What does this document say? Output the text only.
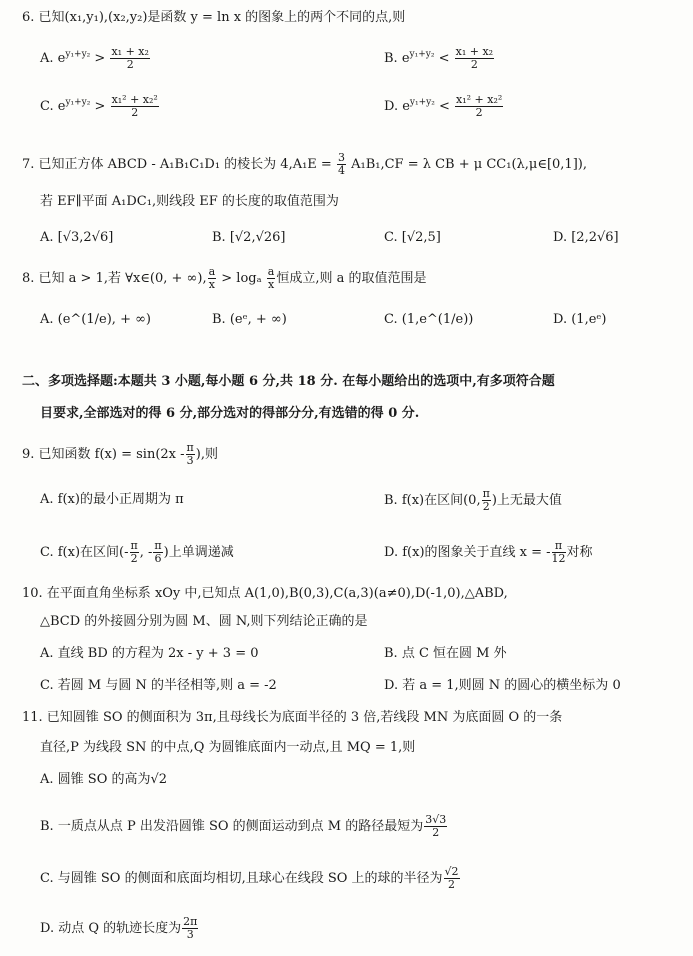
6. 已知(x₁,y₁),(x₂,y₂)是函数 y = ln x 的图象上的两个不同的点,则
A. $e^{y_1+y_2} > \frac{\text{x₁ + x₂}}{2}$	B. $e^{y_1+y_2} < \frac{\text{x₁ + x₂}}{2}$
C. $e^{y_1+y_2} > \frac{\text{x₁² + x₂²}}{2}$	D. $e^{y_1+y_2} < \frac{\text{x₁² + x₂²}}{2}$
7. 已知正方体 ABCD - A₁B₁C₁D₁ 的棱长为 $4,A_1E = \frac{3}{4} A_1B_1,CF = \lambda$ CB + μ CC₁(λ,μ∈[0,1]),
若 EF∥平面 A₁DC₁,则线段 EF 的长度的取值范围为
A. [√3,2√6]	B. [√2,√26]	C. [√2,5]	D. [2,2√6]
8. 已知 a > 1,若 ∀x∈(0, + ∞), $\frac{a}{x} > \log_a \frac{a}{x}$ 恒成立,则 a 的取值范围是
A. (e^(1/e), + ∞)	B. (eᵉ, + ∞)	C. (1,e^(1/e))	D. (1,eᵉ)
二、多项选择题:本题共 3 小题,每小题 6 分,共 18 分. 在每小题给出的选项中,有多项符合题
目要求,全部选对的得 6 分,部分选对的得部分分,有选错的得 0 分.
9. 已知函数 $f(x) = \sin(2x - \frac{\pi}{3}$ ),则
A. f(x)的最小正周期为 π	B. f(x)在区间(0, $\frac{\pi}{2}$ )上无最大值
C. f(x)在区间(- $\frac{\pi}{2}$ , - $\frac{\pi}{6}$ )上单调递减	D. f(x)的图象关于直线 x = - $\frac{\pi}{12}$ 对称
10. 在平面直角坐标系 xOy 中,已知点 A(1,0),B(0,3),C(a,3)(a≠0),D(-1,0),△ABD,
△BCD 的外接圆分别为圆 M、圆 N,则下列结论正确的是
A. 直线 BD 的方程为 2x - y + 3 = 0	B. 点 C 恒在圆 M 外
C. 若圆 M 与圆 N 的半径相等,则 a = -2	D. 若 a = 1,则圆 N 的圆心的横坐标为 0
11. 已知圆锥 SO 的侧面积为 3π,且母线长为底面半径的 3 倍,若线段 MN 为底面圆 O 的一条
直径,P 为线段 SN 的中点,Q 为圆锥底面内一动点,且 MQ = 1,则
A. 圆锥 SO 的高为√2
B. 一质点从点 P 出发沿圆锥 SO 的侧面运动到点 M 的路径最短为 $\frac{3√3}{2}$
C. 与圆锥 SO 的侧面和底面均相切,且球心在线段 SO 上的球的半径为 $\frac{√2}{2}$
D. 动点 Q 的轨迹长度为 $\frac{2\pi}{3}$
